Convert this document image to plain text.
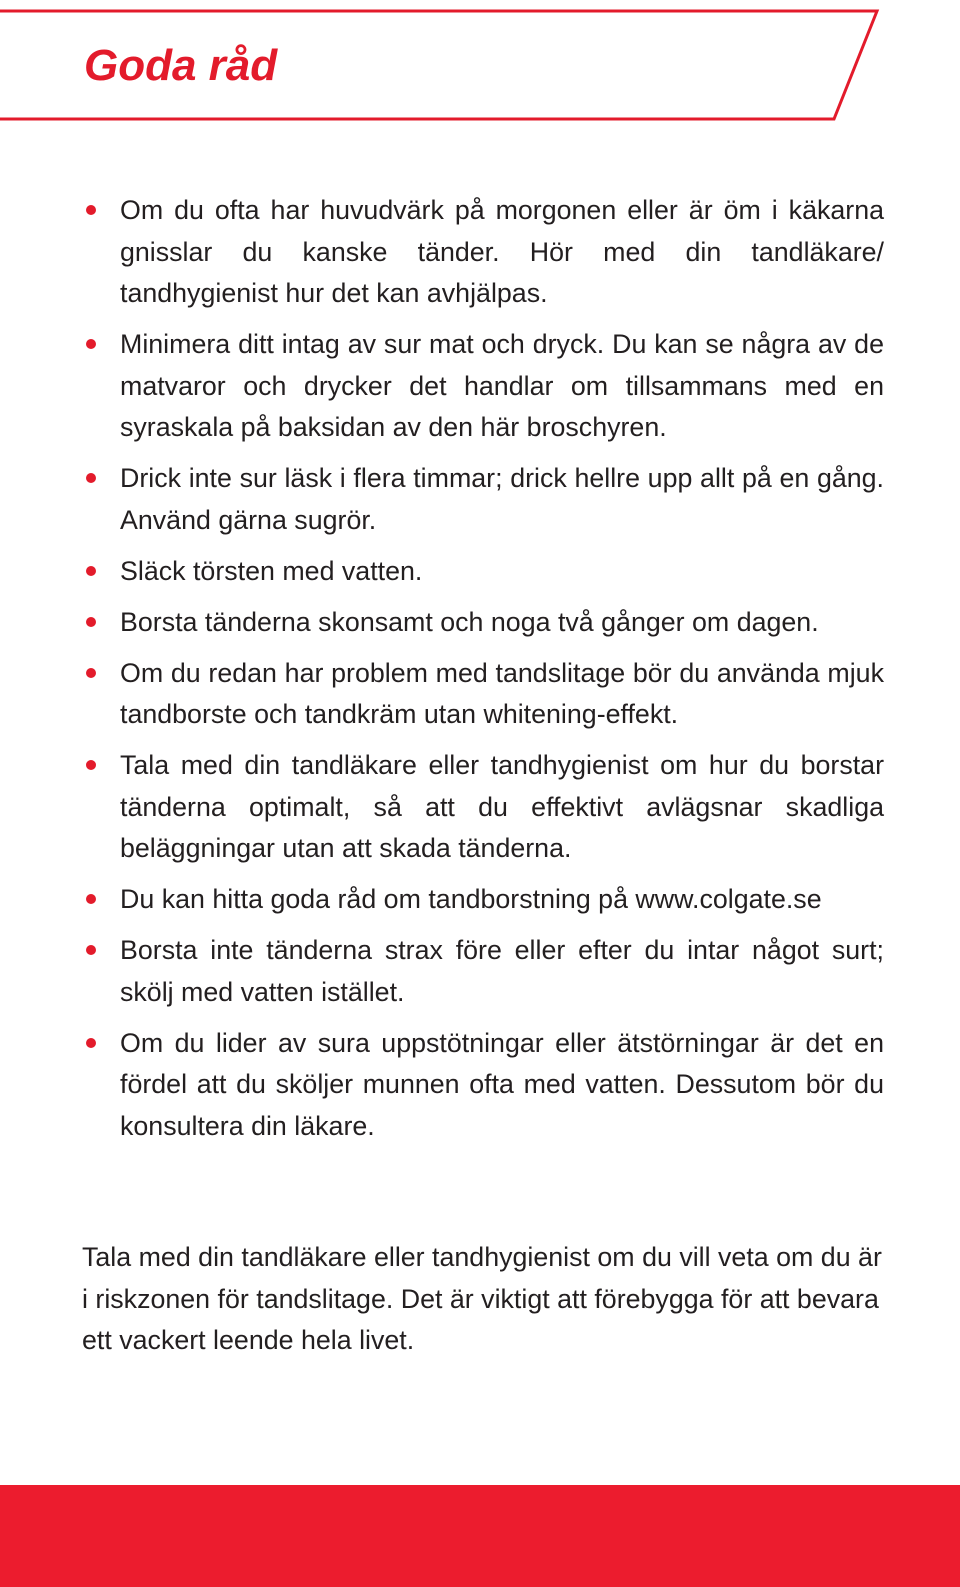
Goda råd
Om du ofta har huvudvärk på morgonen eller är öm i käkarna gnisslar du kanske tänder. Hör med din tandläkare/ tandhygienist hur det kan avhjälpas.
Minimera ditt intag av sur mat och dryck. Du kan se några av de matvaror och drycker det handlar om tillsammans med en syraskala på baksidan av den här broschyren.
Drick inte sur läsk i flera timmar; drick hellre upp allt på en gång. Använd gärna sugrör.
Släck törsten med vatten.
Borsta tänderna skonsamt och noga två gånger om dagen.
Om du redan har problem med tandslitage bör du använda mjuk tandborste och tandkräm utan whitening-effekt.
Tala med din tandläkare eller tandhygienist om hur du borstar tänderna optimalt, så att du effektivt avlägsnar skadliga beläggningar utan att skada tänderna.
Du kan hitta goda råd om tandborstning på www.colgate.se
Borsta inte tänderna strax före eller efter du intar något surt; skölj med vatten istället.
Om du lider av sura uppstötningar eller ätstörningar är det en fördel att du sköljer munnen ofta med vatten. Dessutom bör du konsultera din läkare.

Tala med din tandläkare eller tandhygienist om du vill veta om du är i riskzonen för tandslitage. Det är viktigt att förebygga för att bevara ett vackert leende hela livet.
